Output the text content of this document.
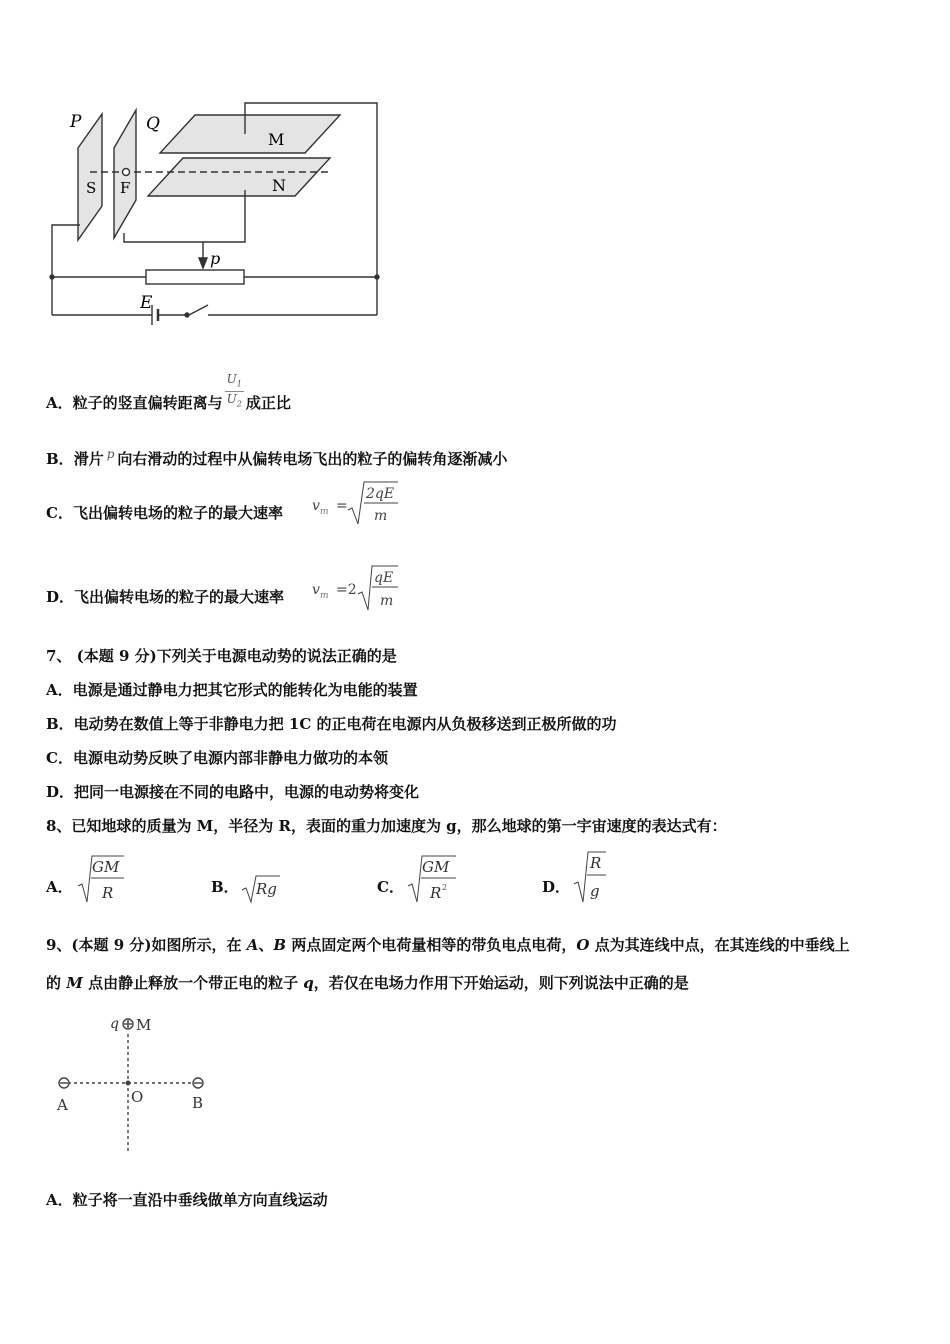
P	Q
M
N
S F
p
E
A．粒子的竖直偏转距离与 $\frac{U_1}{U_2}$ 成正比
B．滑片 $^p$ 向右滑动的过程中从偏转电场飞出的粒子的偏转角逐渐减小
C．飞出偏转电场的粒子的最大速率 v m =
2qE
m
D．飞出偏转电场的粒子的最大速率 v m =2
qE
m
7、 (本题 9 分)下列关于电源电动势的说法正确的是
A．电源是通过静电力把其它形式的能转化为电能的装置
B．电动势在数值上等于非静电力把 1C 的正电荷在电源内从负极移送到正极所做的功
C．电源电动势反映了电源内部非静电力做功的本领
D．把同一电源接在不同的电路中，电源的电动势将变化
8、已知地球的质量为 M，半径为 R，表面的重力加速度为 g，那么地球的第一宇宙速度的表达式有：
A．
GM
R	B． Rg	C．
GM
R 2	D．
R
g
9、(本题 9 分)如图所示，在 A、B 两点固定两个电荷量相等的带负电点电荷，O 点为其连线中点，在其连线的中垂线上
的 M 点由静止释放一个带正电的粒子 q，若仅在电场力作用下开始运动，则下列说法中正确的是
q M
A	O	B
A．粒子将一直沿中垂线做单方向直线运动
